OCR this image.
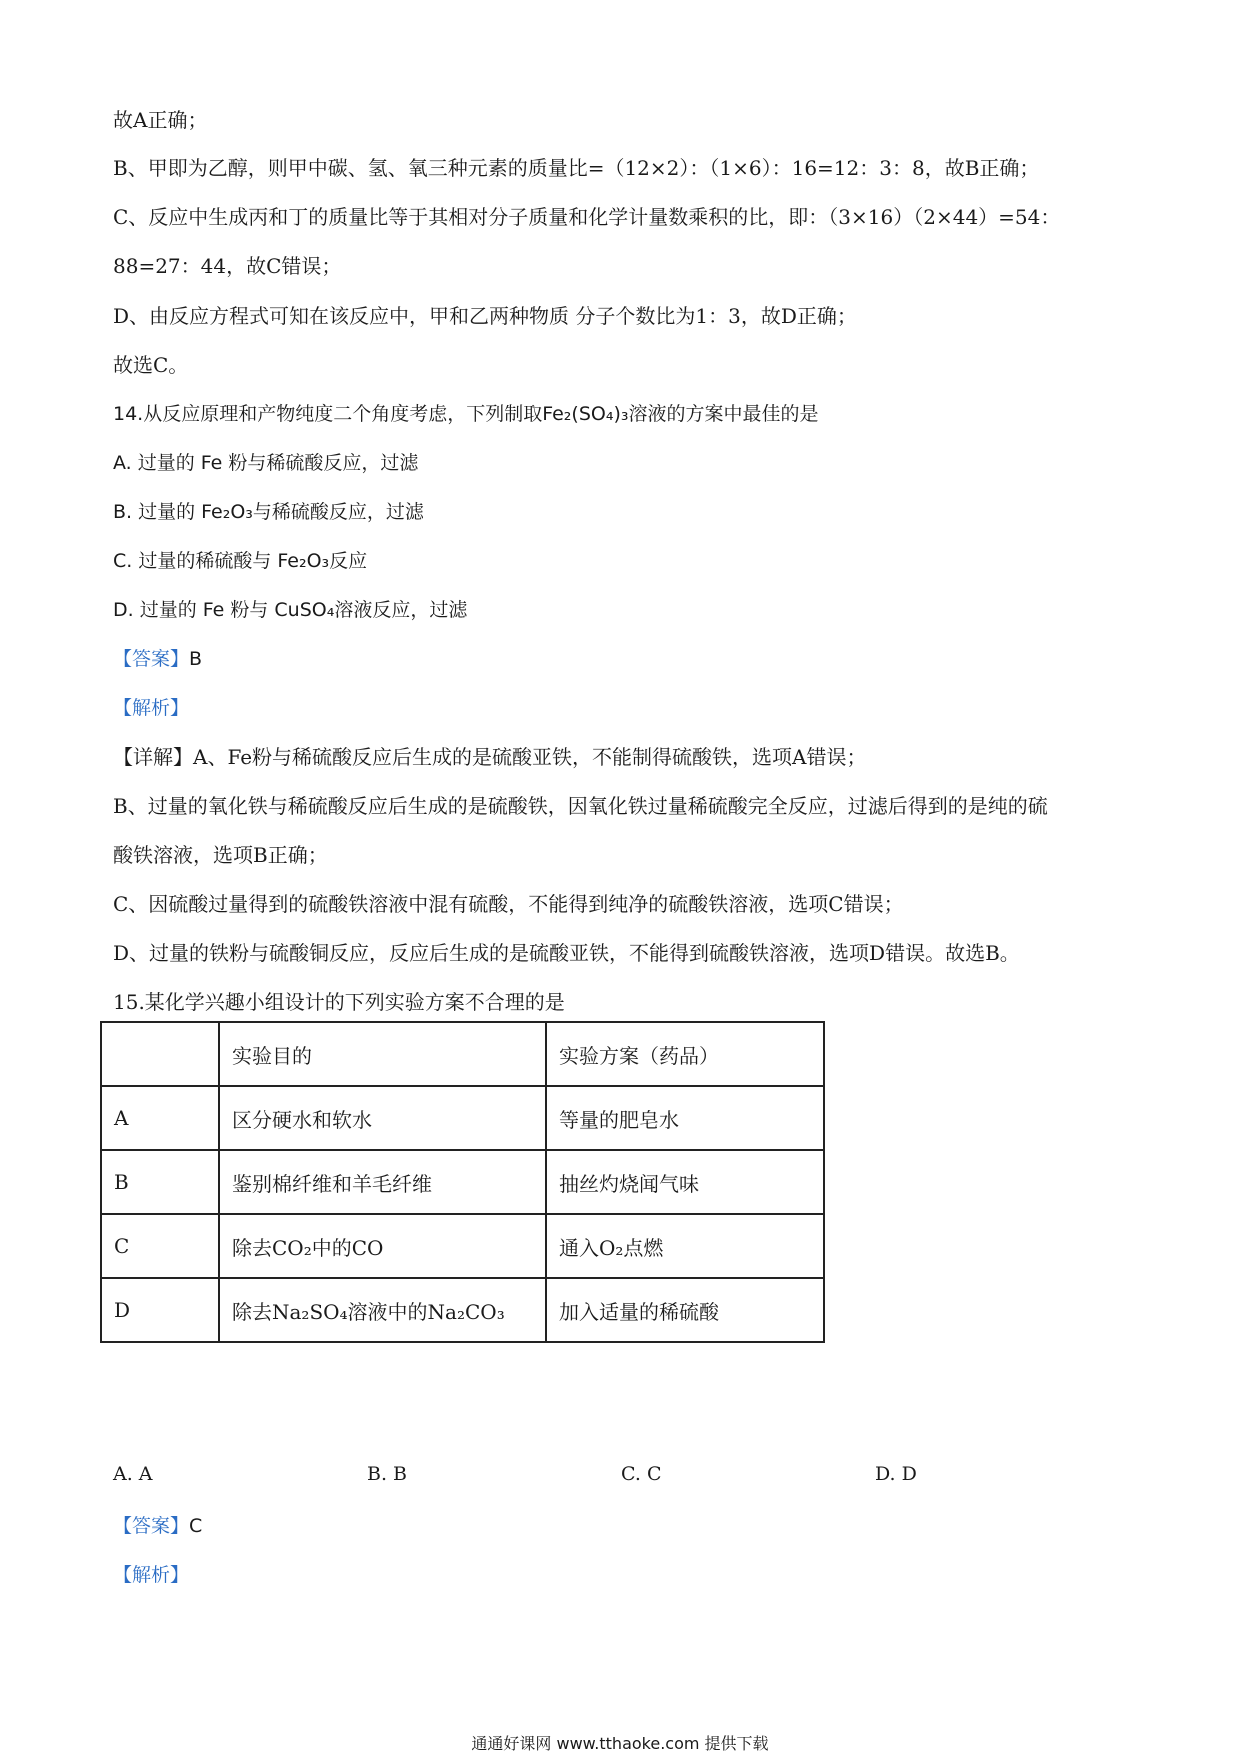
故A正确；
B、甲即为乙醇，则甲中碳、氢、氧三种元素的质量比=（12×2）：（1×6）：16=12：3：8，故B正确；
C、反应中生成丙和丁的质量比等于其相对分子质量和化学计量数乘积的比，即：（3×16）（2×44）=54：
88=27：44，故C错误；
D、由反应方程式可知在该反应中，甲和乙两种物质 分子个数比为1：3，故D正确；
故选C。
14.从反应原理和产物纯度二个角度考虑，下列制取Fe₂(SO₄)₃溶液的方案中最佳的是
A. 过量的 Fe 粉与稀硫酸反应，过滤
B. 过量的 Fe₂O₃与稀硫酸反应，过滤
C. 过量的稀硫酸与 Fe₂O₃反应
D. 过量的 Fe 粉与 CuSO₄溶液反应，过滤
【答案】B
【解析】
【详解】A、Fe粉与稀硫酸反应后生成的是硫酸亚铁，不能制得硫酸铁，选项A错误；
B、过量的氧化铁与稀硫酸反应后生成的是硫酸铁，因氧化铁过量稀硫酸完全反应，过滤后得到的是纯的硫
酸铁溶液，选项B正确；
C、因硫酸过量得到的硫酸铁溶液中混有硫酸，不能得到纯净的硫酸铁溶液，选项C错误；
D、过量的铁粉与硫酸铜反应，反应后生成的是硫酸亚铁，不能得到硫酸铁溶液，选项D错误。故选B。
15.某化学兴趣小组设计的下列实验方案不合理的是
	实验目的	实验方案（药品）
A	区分硬水和软水	等量的肥皂水
B	鉴别棉纤维和羊毛纤维	抽丝灼烧闻气味
C	除去CO₂中的CO	通入O₂点燃
D	除去Na₂SO₄溶液中的Na₂CO₃	加入适量的稀硫酸
A. A	B. B	C. C	D. D
【答案】C
【解析】
通通好课网 www.tthaoke.com 提供下载
